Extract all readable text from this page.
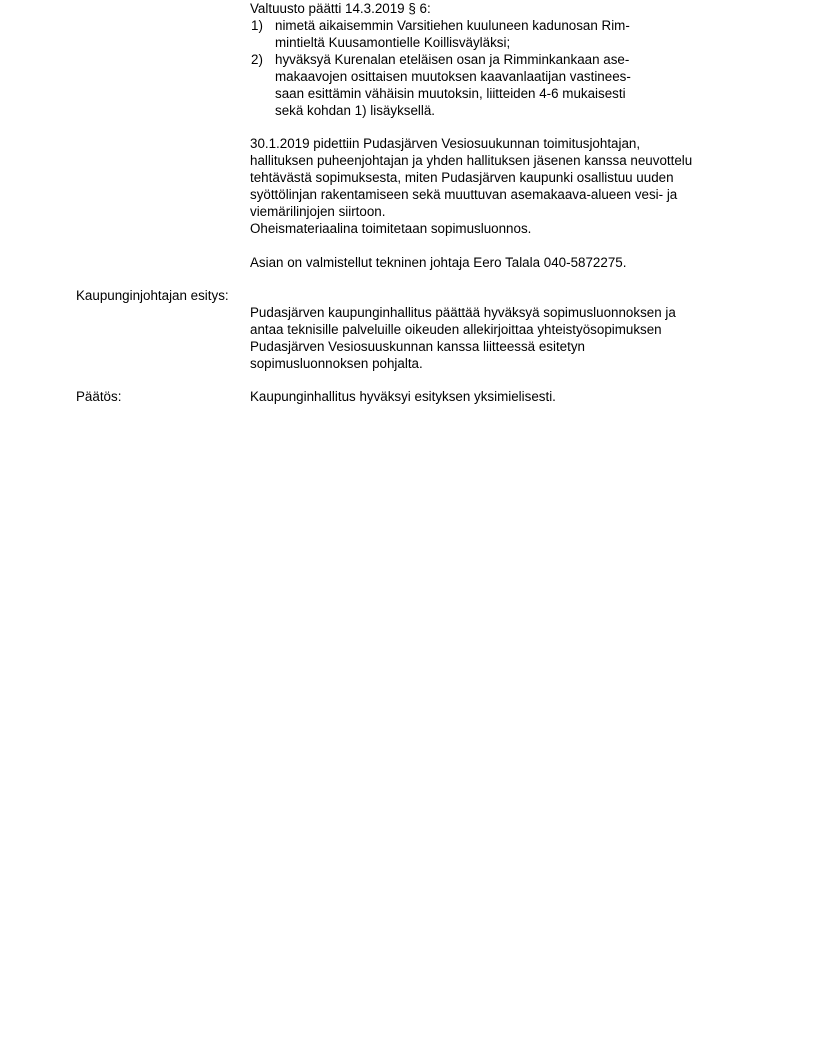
Valtuusto päätti 14.3.2019 § 6:
1) nimetä aikaisemmin Varsitiehen kuuluneen kadunosan Rim-
mintieltä Kuusamontielle Koillisväyläksi;
2) hyväksyä Kurenalan eteläisen osan ja Rimminkankaan ase-
makaavojen osittaisen muutoksen kaavanlaatijan vastinees-
saan esittämin vähäisin muutoksin, liitteiden 4-6 mukaisesti
sekä kohdan 1) lisäyksellä.
30.1.2019 pidettiin Pudasjärven Vesiosuukunnan toimitusjohtajan,
hallituksen puheenjohtajan ja yhden hallituksen jäsenen kanssa neuvottelu
tehtävästä sopimuksesta, miten Pudasjärven kaupunki osallistuu uuden
syöttölinjan rakentamiseen sekä muuttuvan asemakaava-alueen vesi- ja
viemärilinjojen siirtoon.
Oheismateriaalina toimitetaan sopimusluonnos.
Asian on valmistellut tekninen johtaja Eero Talala 040-5872275.
Kaupunginjohtajan esitys:
Pudasjärven kaupunginhallitus päättää hyväksyä sopimusluonnoksen ja
antaa teknisille palveluille oikeuden allekirjoittaa yhteistyösopimuksen
Pudasjärven Vesiosuuskunnan kanssa liitteessä esitetyn
sopimusluonnoksen pohjalta.
Päätös:	Kaupunginhallitus hyväksyi esityksen yksimielisesti.
